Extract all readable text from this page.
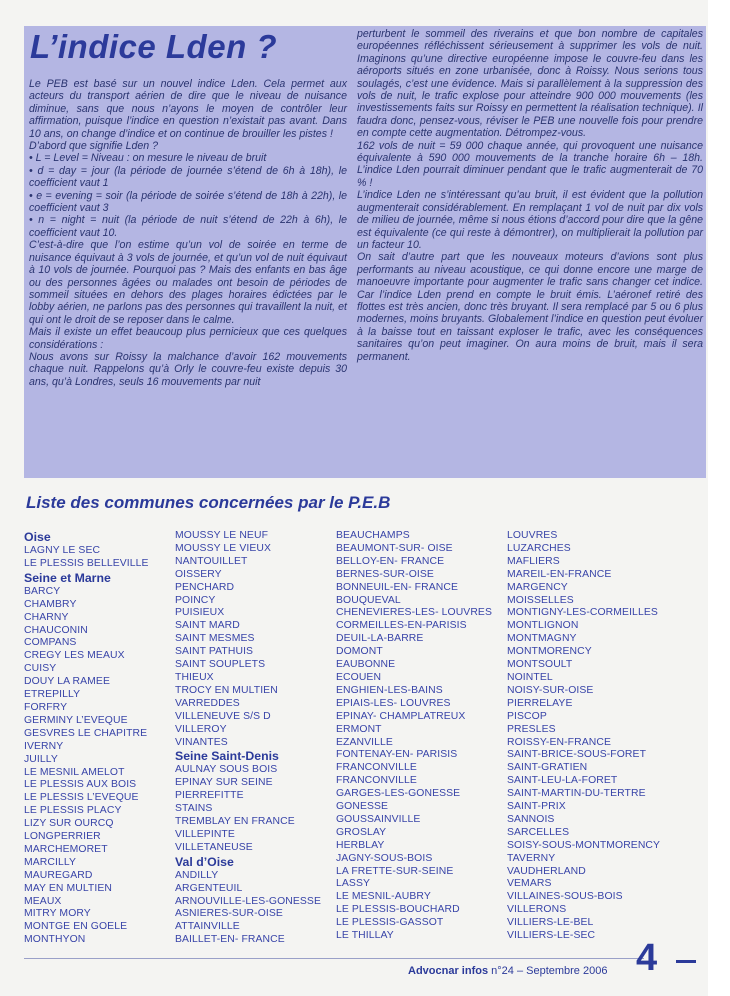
L’indice Lden ?

Le PEB est basé sur un nouvel indice Lden. Cela permet aux acteurs du transport aérien de dire que le niveau de nuisance diminue, sans que nous n’ayons le moyen de contrôler leur affirmation, puisque l’indice en question n’existait pas avant. Dans 10 ans, on change d’indice et on continue de brouiller les pistes !

D’abord que signifie Lden ?

• L = Level = Niveau : on mesure le niveau de bruit

• d = day = jour (la période de journée s’étend de 6h à 18h), le coefficient vaut 1

• e = evening = soir (la période de soirée s’étend de 18h à 22h), le coefficient vaut 3

• n = night = nuit (la période de nuit s’étend de 22h à 6h), le coefficient vaut 10.

C’est-à-dire que l’on estime qu’un vol de soirée en terme de nuisance équivaut à 3 vols de journée, et qu’un vol de nuit équivaut à 10 vols de journée. Pourquoi pas ? Mais des enfants en bas âge ou des personnes âgées ou malades ont besoin de périodes de sommeil situées en dehors des plages horaires édictées par le lobby aérien, ne parlons pas des personnes qui travaillent la nuit, et qui ont le droit de se reposer dans le calme.

Mais il existe un effet beaucoup plus pernicieux que ces quelques considérations :

Nous avons sur Roissy la malchance d’avoir 162 mouvements chaque nuit. Rappelons qu’à Orly le couvre-feu existe depuis 30 ans, qu’à Londres, seuls 16 mouvements par nuit

perturbent le sommeil des riverains et que bon nombre de capitales européennes réfléchissent sérieusement à supprimer les vols de nuit. Imaginons qu’une directive européenne impose le couvre-feu dans les aéroports situés en zone urbanisée, donc à Roissy. Nous serions tous soulagés, c’est une évidence. Mais si parallèlement à la suppression des vols de nuit, le trafic explose pour atteindre 900 000 mouvements (les investissements faits sur Roissy en permettent la réalisation technique). Il faudra donc, pensez-vous, réviser le PEB une nouvelle fois pour prendre en compte cette augmentation. Détrompez-vous.

162 vols de nuit = 59 000 chaque année, qui provoquent une nuisance équivalente à 590 000 mouvements de la tranche horaire 6h – 18h. L’indice Lden pourrait diminuer pendant que le trafic augmenterait de 70 % !

L’indice Lden ne s’intéressant qu’au bruit, il est évident que la pollution augmenterait considérablement. En remplaçant 1 vol de nuit par dix vols de milieu de journée, même si nous étions d’accord pour dire que la gêne est équivalente (ce qui reste à démontrer), on multiplierait la pollution par un facteur 10.

On sait d’autre part que les nouveaux moteurs d’avions sont plus performants au niveau acoustique, ce qui donne encore une marge de manoeuvre importante pour augmenter le trafic sans changer cet indice. Car l’indice Lden prend en compte le bruit émis. L’aéronef retiré des flottes est très ancien, donc très bruyant. Il sera remplacé par 5 ou 6 plus modernes, moins bruyants. Globalement l’indice en question peut évoluer à la baisse tout en taissant exploser le trafic, avec les conséquences sanitaires qu’on peut imaginer. On aura moins de bruit, mais il sera permanent.

Liste des communes concernées par le P.E.B
Oise
LAGNY LE SEC
LE PLESSIS BELLEVILLE
Seine et Marne
BARCY
CHAMBRY
CHARNY
CHAUCONIN
COMPANS
CREGY LES MEAUX
CUISY
DOUY LA RAMEE
ETREPILLY
FORFRY
GERMINY L’EVEQUE
GESVRES LE CHAPITRE
IVERNY
JUILLY
LE MESNIL AMELOT
LE PLESSIS AUX BOIS
LE PLESSIS L’EVEQUE
LE PLESSIS PLACY
LIZY SUR OURCQ
LONGPERRIER
MARCHEMORET
MARCILLY
MAUREGARD
MAY EN MULTIEN
MEAUX
MITRY MORY
MONTGE EN GOELE
MONTHYON
MOUSSY LE NEUF
MOUSSY LE VIEUX
NANTOUILLET
OISSERY
PENCHARD
POINCY
PUISIEUX
SAINT MARD
SAINT MESMES
SAINT PATHUIS
SAINT SOUPLETS
THIEUX
TROCY EN MULTIEN
VARREDDES
VILLENEUVE S/S D
VILLEROY
VINANTES
Seine Saint-Denis
AULNAY SOUS BOIS
EPINAY SUR SEINE
PIERREFITTE
STAINS
TREMBLAY EN FRANCE
VILLEPINTE
VILLETANEUSE
Val d’Oise
ANDILLY
ARGENTEUIL
ARNOUVILLE-LES-GONESSE
ASNIERES-SUR-OISE
ATTAINVILLE
BAILLET-EN- FRANCE
BEAUCHAMPS
BEAUMONT-SUR- OISE
BELLOY-EN- FRANCE
BERNES-SUR-OISE
BONNEUIL-EN- FRANCE
BOUQUEVAL
CHENEVIERES-LES- LOUVRES
CORMEILLES-EN-PARISIS
DEUIL-LA-BARRE
DOMONT
EAUBONNE
ECOUEN
ENGHIEN-LES-BAINS
EPIAIS-LES- LOUVRES
EPINAY- CHAMPLATREUX
ERMONT
EZANVILLE
FONTENAY-EN- PARISIS
FRANCONVILLE
FRANCONVILLE
GARGES-LES-GONESSE
GONESSE
GOUSSAINVILLE
GROSLAY
HERBLAY
JAGNY-SOUS-BOIS
LA FRETTE-SUR-SEINE
LASSY
LE MESNIL-AUBRY
LE PLESSIS-BOUCHARD
LE PLESSIS-GASSOT
LE THILLAY
LOUVRES
LUZARCHES
MAFLIERS
MAREIL-EN-FRANCE
MARGENCY
MOISSELLES
MONTIGNY-LES-CORMEILLES
MONTLIGNON
MONTMAGNY
MONTMORENCY
MONTSOULT
NOINTEL
NOISY-SUR-OISE
PIERRELAYE
PISCOP
PRESLES
ROISSY-EN-FRANCE
SAINT-BRICE-SOUS-FORET
SAINT-GRATIEN
SAINT-LEU-LA-FORET
SAINT-MARTIN-DU-TERTRE
SAINT-PRIX
SANNOIS
SARCELLES
SOISY-SOUS-MONTMORENCY
TAVERNY
VAUDHERLAND
VEMARS
VILLAINES-SOUS-BOIS
VILLERONS
VILLIERS-LE-BEL
VILLIERS-LE-SEC
Advocnar infos n°24 – Septembre 2006 4
